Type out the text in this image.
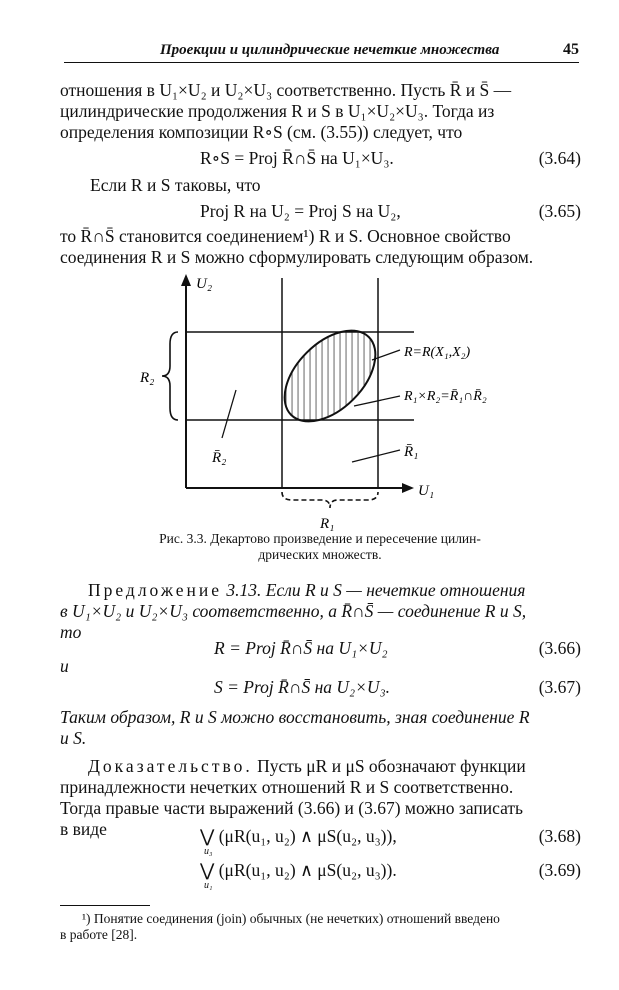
Проекции и цилиндрические нечеткие множества	45
отношения в U₁×U₂ и U₂×U₃ соответственно. Пусть R̄ и S̄ —
цилиндрические продолжения R и S в U₁×U₂×U₃. Тогда из
определения композиции R∘S (см. (3.55)) следует, что
R∘S = Proj R̄∩S̄ на U₁×U₃.	(3.64)
Если R и S таковы, что
Proj R на U₂ = Proj S на U₂,	(3.65)
то R̄∩S̄ становится соединением¹) R и S. Основное свойство
соединения R и S можно сформулировать следующим образом.
U₂
U₁
R₂
R₁
R=R(X₁,X₂)
R₁×R₂=R̄₁∩R̄₂
R̄₂	R̄₁
Рис. 3.3. Декартово произведение и пересечение цилин-
дрических множеств.
Предложение 3.13. Если R и S — нечеткие отношения
в U₁×U₂ и U₂×U₃ соответственно, а R̄∩S̄ — соединение R и S,
то
R = Proj R̄∩S̄ на U₁×U₂	(3.66)
и
S = Proj R̄∩S̄ на U₂×U₃.	(3.67)
Таким образом, R и S можно восстановить, зная соединение R
и S.
Доказательство. Пусть μR и μS обозначают функции
принадлежности нечетких отношений R и S соответственно.
Тогда правые части выражений (3.66) и (3.67) можно записать
в виде	⋁ (μR(u₁, u₂) ∧ μS(u₂, u₃)),
u₃
(3.68)
⋁ (μR(u₁, u₂) ∧ μS(u₂, u₃)).
u₁
(3.69)
¹) Понятие соединения (join) обычных (не нечетких) отношений введено
в работе [28].
